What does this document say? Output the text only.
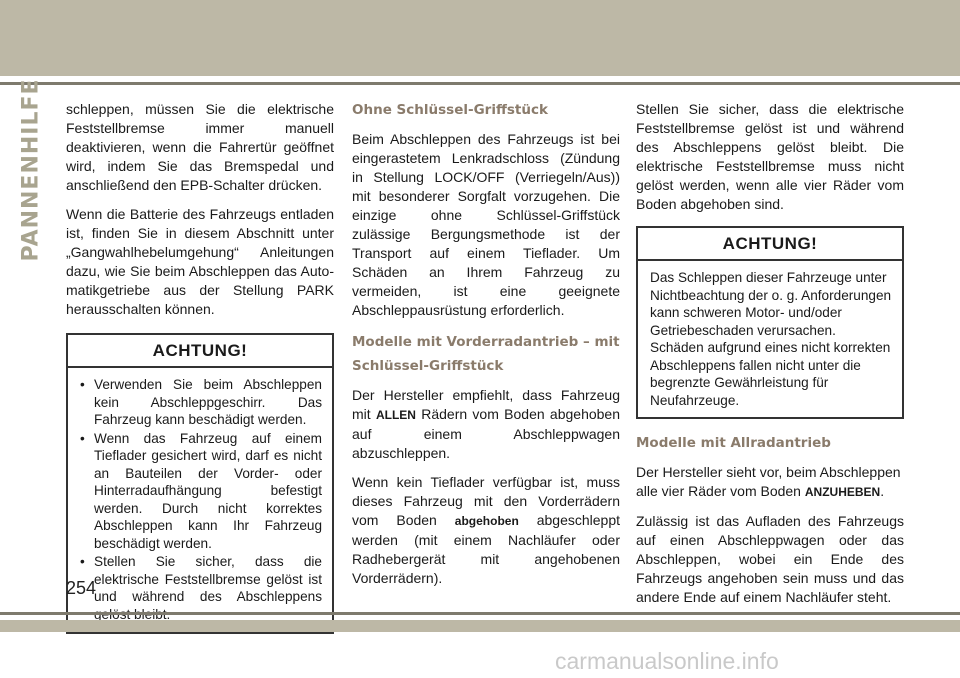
PANNENHILFE schleppen, müssen Sie die elektrische Feststellbremse immer manuell deaktivieren, wenn die Fahrertür geöffnet wird, indem Sie das Bremspedal und anschließend den EPB-Schalter drücken.

Wenn die Batterie des Fahrzeugs entladen ist, finden Sie in diesem Abschnitt unter „Gangwahlhebelumgehung“ Anleitungen dazu, wie Sie beim Abschleppen das Automatikgetriebe aus der Stellung PARK herausschalten können.

ACHTUNG!
• Verwenden Sie beim Abschleppen kein Abschleppgeschirr. Das Fahrzeug kann beschädigt werden.
• Wenn das Fahrzeug auf einem Tieflader gesichert wird, darf es nicht an Bauteilen der Vorder- oder Hinterradaufhängung befestigt werden. Durch nicht korrektes Abschleppen kann Ihr Fahrzeug beschädigt werden.
• Stellen Sie sicher, dass die elektrische Feststellbremse gelöst ist und während des Abschleppens
Ohne Schlüssel-Griffstück

Beim Abschleppen des Fahrzeugs ist bei eingerastetem Lenkradschloss (Zündung in Stellung LOCK/OFF (Verriegeln/Aus)) mit besonderer Sorgfalt vorzugehen. Die einzige ohne Schlüssel-Griffstück zulässige Bergungsmethode ist der Transport auf einem Tieflader. Um Schäden an Ihrem Fahrzeug zu vermeiden, ist eine geeignete Abschleppausrüstung erforderlich.

Modelle mit Vorderradantrieb – mit Schlüssel-Griffstück

Der Hersteller empfiehlt, dass Fahrzeug mit ALLEN Rädern vom Boden abgehoben auf einem Abschleppwagen abzuschleppen.

Wenn kein Tieflader verfügbar ist, muss dieses Fahrzeug mit den Vorderrädern vom Boden abgehoben abgeschleppt werden (mit einem Nachläufer oder Radhebergerät mit angehobenen Vorderrädern).

Stellen Sie sicher, dass die elektrische Feststellbremse gelöst ist und während des Abschleppens gelöst bleibt. Die elektrische Feststellbremse muss nicht gelöst werden, wenn alle vier Räder vom Boden abgehoben sind.

ACHTUNG!
Das Schleppen dieser Fahrzeuge unter Nichtbeachtung der o. g. Anforderungen kann schweren Motor- und/oder Getriebeschaden verursachen. Schäden aufgrund eines nicht korrekten Abschleppens fallen nicht unter die begrenzte Gewährleistung für Neufahrzeuge.
Modelle mit Allradantrieb

Der Hersteller sieht vor, beim Abschleppen alle vier Räder vom Boden ANZUHEBEN.

Zulässig ist das Aufladen des Fahrzeugs auf einen Abschleppwagen oder das Abschleppen, wobei ein Ende des Fahrzeugs angehoben sein muss und das andere Ende auf einem Nachläufer steht.

254
carmanualsonline.info
